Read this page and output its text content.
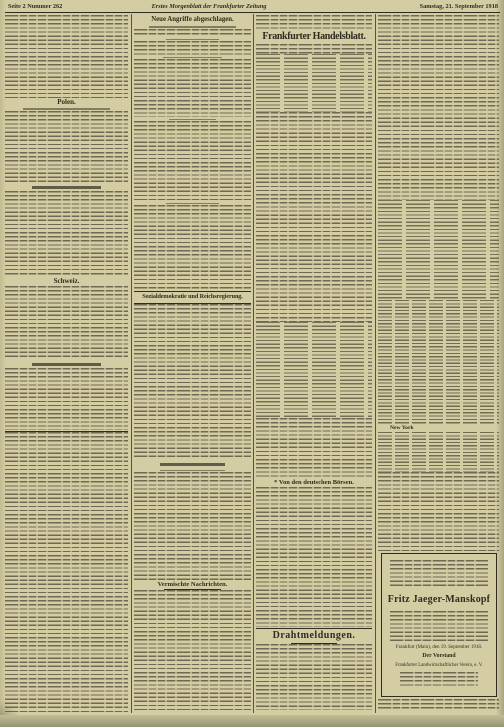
Seite 2 Nummer 262	Erstes Morgenblatt der Frankfurter Zeitung	Samstag, 21. September 1918
Polen.
Schweiz.
Neue Angriffe abgeschlagen.
Sozialdemokratie und Reichsregierung.
Vermischte Nachrichten.
Frankfurter Handelsblatt.
* Von den deutschen Börsen.
Drahtmeldungen.
New York
Fritz Jaeger-Manskopf
Frankfurt (Main), den 19. September 1918.
Der Vorstand
Frankfurter Landwirtschaftlicher Verein, e. V.
